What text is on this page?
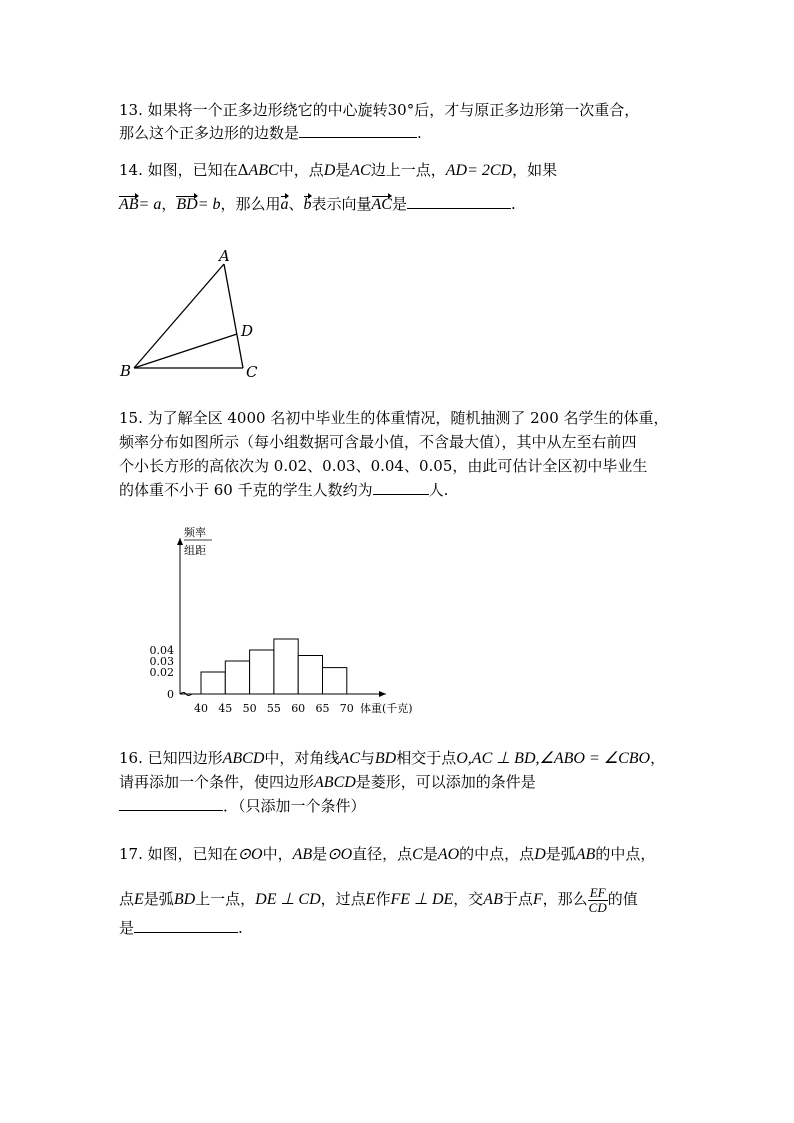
13. 如果将一个正多边形绕它的中心旋转30°后，才与原正多边形第一次重合，
那么这个正多边形的边数是	.
14. 如图，已知在ΔABC中，点D是AC边上一点，AD= 2CD，如果
AB= a，BD= b，那么用a、b表示向量AC是	.
A
B	C
D
15. 为了解全区 4000 名初中毕业生的体重情况，随机抽测了 200 名学生的体重，
频率分布如图所示（每小组数据可含最小值，不含最大值），其中从左至右前四
个小长方形的高依次为 0.02、0.03、0.04、0.05，由此可估计全区初中毕业生
的体重不小于 60 千克的学生人数约为	人.
频率
组距
0
0.02
0.03
0.04
40 45 50 55 60 65 70 体重(千克)
16. 已知四边形ABCD中，对角线AC与BD相交于点O,AC ⊥ BD,∠ABO = ∠CBO，
请再添加一个条件，使四边形ABCD是菱形，可以添加的条件是
．（只添加一个条件）
17. 如图，已知在⊙O中，AB是⊙O直径，点C是AO的中点，点D是弧AB的中点，
点E是弧BD上一点，DE ⊥ CD，过点E作FE ⊥ DE，交AB于点F，那么 $\frac{EF}{CD}$ 的值
是	.
